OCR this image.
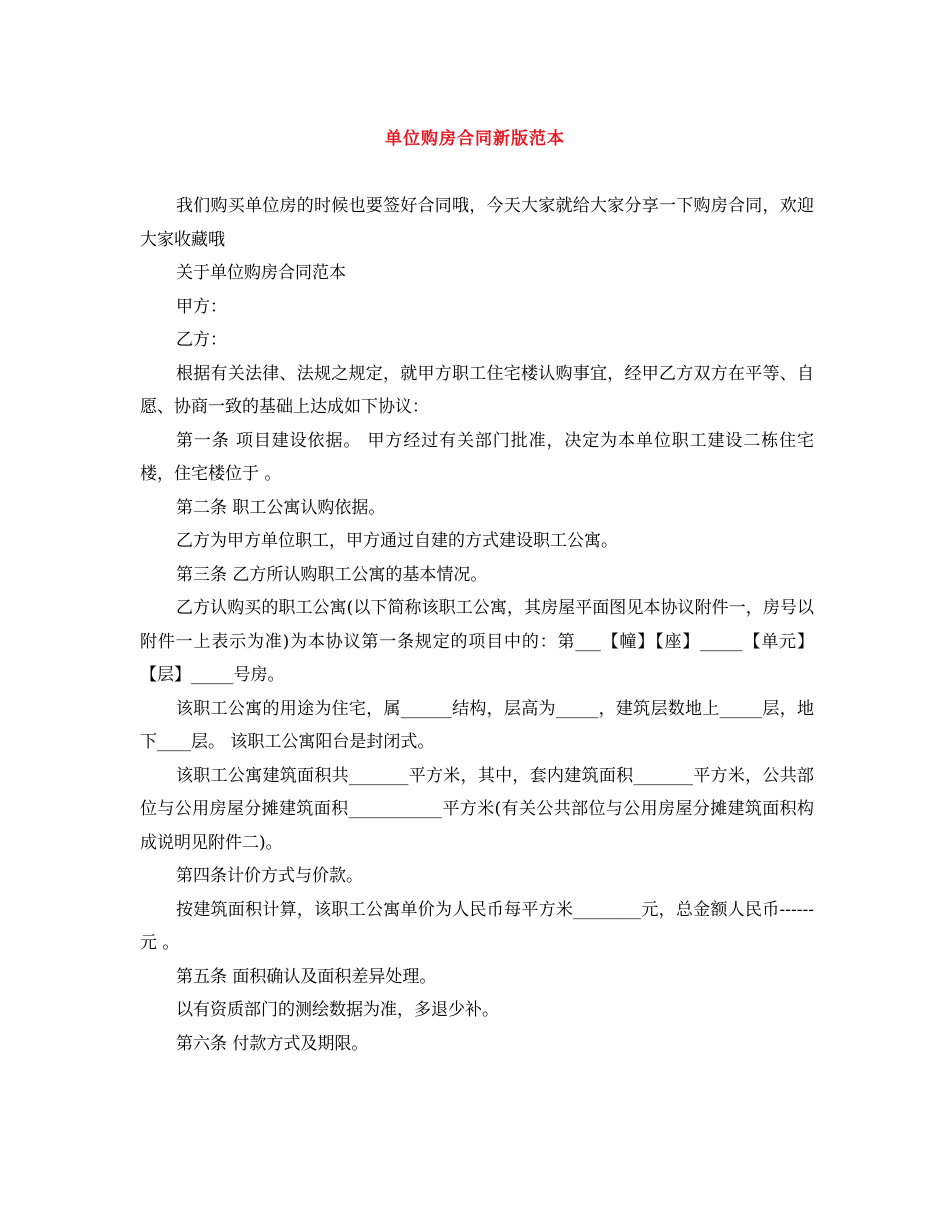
单位购房合同新版范本

我们购买单位房的时候也要签好合同哦，今天大家就给大家分享一下购房合同，欢迎大家收藏哦

关于单位购房合同范本

甲方：

乙方：

根据有关法律、法规之规定，就甲方职工住宅楼认购事宜，经甲乙方双方在平等、自愿、协商一致的基础上达成如下协议：

第一条 项目建设依据。 甲方经过有关部门批准，决定为本单位职工建设二栋住宅楼，住宅楼位于 。

第二条 职工公寓认购依据。

乙方为甲方单位职工，甲方通过自建的方式建设职工公寓。

第三条 乙方所认购职工公寓的基本情况。

乙方认购买的职工公寓(以下简称该职工公寓，其房屋平面图见本协议附件一，房号以附件一上表示为准)为本协议第一条规定的项目中的：第___【幢】【座】_____【单元】【层】_____号房。

该职工公寓的用途为住宅，属______结构，层高为_____，建筑层数地上_____层，地下____层。 该职工公寓阳台是封闭式。

该职工公寓建筑面积共_______平方米，其中，套内建筑面积_______平方米，公共部位与公用房屋分摊建筑面积___________平方米(有关公共部位与公用房屋分摊建筑面积构成说明见附件二)。

第四条计价方式与价款。

按建筑面积计算，该职工公寓单价为人民币每平方米________元，总金额人民币------元 。

第五条 面积确认及面积差异处理。

以有资质部门的测绘数据为准，多退少补。

第六条 付款方式及期限。
